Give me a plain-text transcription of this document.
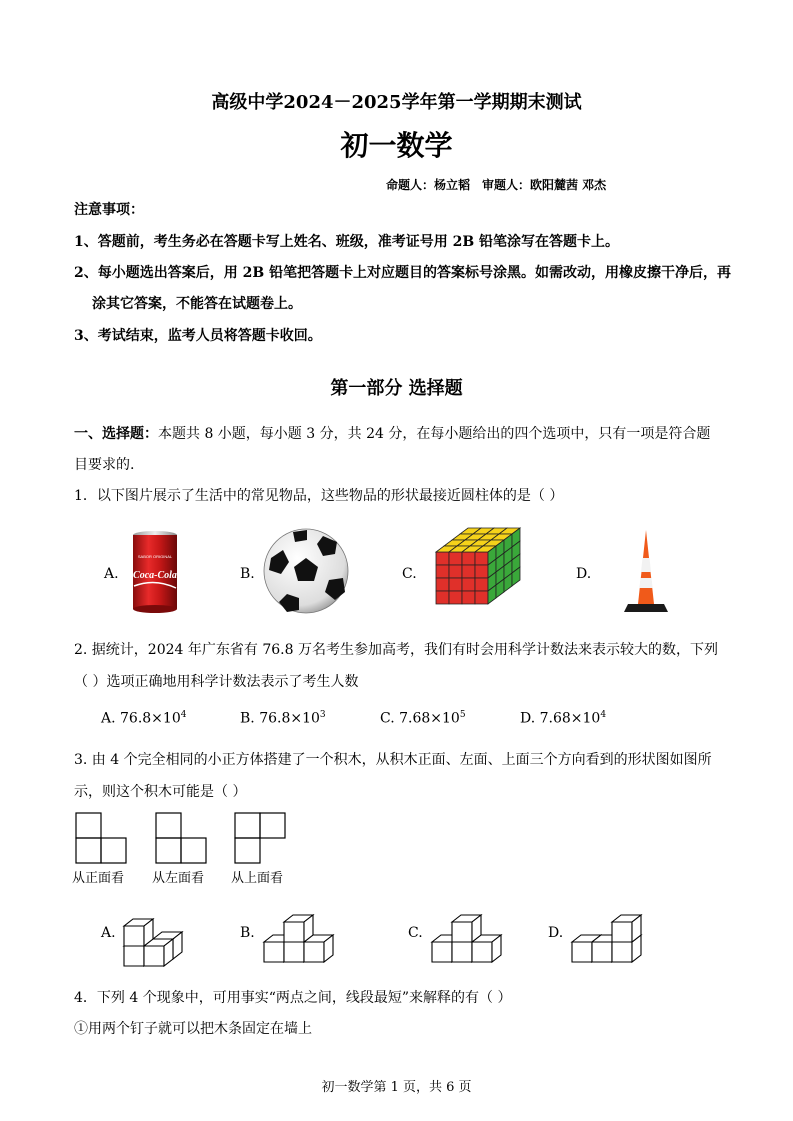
高级中学2024－2025学年第一学期期末测试
初一数学
命题人：杨立韬　审题人：欧阳麓茜 邓杰
注意事项：
1、答题前，考生务必在答题卡写上姓名、班级，准考证号用 2B 铅笔涂写在答题卡上。
2、每小题选出答案后，用 2B 铅笔把答题卡上对应题目的答案标号涂黑。如需改动，用橡皮擦干净后，再
涂其它答案，不能答在试题卷上。
3、考试结束，监考人员将答题卡收回。
第一部分 选择题
一、选择题：本题共 8 小题，每小题 3 分，共 24 分，在每小题给出的四个选项中，只有一项是符合题
目要求的.
1．以下图片展示了生活中的常见物品，这些物品的形状最接近圆柱体的是（ ）
A.	B.	C.	D.
SABOR ORIGINAL
Coca-Cola
2. 据统计，2024 年广东省有 76.8 万名考生参加高考，我们有时会用科学计数法来表示较大的数，下列
（ ）选项正确地用科学计数法表示了考生人数
A. $76.8\times 10^4$	B. $76.8\times 10^3$	C. $7.68\times 10^5$	D. $7.68\times 10^4$
3. 由 4 个完全相同的小正方体搭建了一个积木，从积木正面、左面、上面三个方向看到的形状图如图所
示，则这个积木可能是（ ）
从正面看 从左面看 从上面看
A.	B.	C.	D.
4．下列 4 个现象中，可用事实“两点之间，线段最短”来解释的有（ ）
①用两个钉子就可以把木条固定在墙上
初一数学第 1 页，共 6 页
